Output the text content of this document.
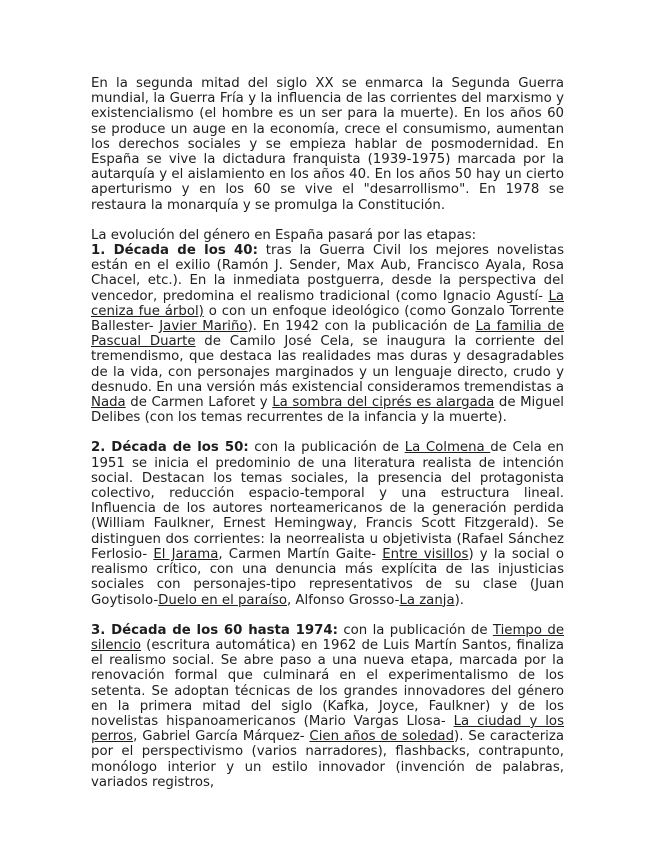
En la segunda mitad del siglo XX se enmarca la Segunda Guerra mundial, la Guerra Fría y la influencia de las corrientes del marxismo y existencialismo (el hombre es un ser para la muerte). En los años 60 se produce un auge en la economía, crece el consumismo, aumentan los derechos sociales y se empieza hablar de posmodernidad. En España se vive la dictadura franquista (1939-1975) marcada por la autarquía y el aislamiento en los años 40. En los años 50 hay un cierto aperturismo y en los 60 se vive el "desarrollismo". En 1978 se restaura la monarquía y se promulga la Constitución.

La evolución del género en España pasará por las etapas:

1. Década de los 40: tras la Guerra Civil los mejores novelistas están en el exilio (Ramón J. Sender, Max Aub, Francisco Ayala, Rosa Chacel, etc.). En la inmediata postguerra, desde la perspectiva del vencedor, predomina el realismo tradicional (como Ignacio Agustí- La ceniza fue árbol) o con un enfoque ideológico (como Gonzalo Torrente Ballester- Javier Mariño). En 1942 con la publicación de La familia de Pascual Duarte de Camilo José Cela, se inaugura la corriente del tremendismo, que destaca las realidades mas duras y desagradables de la vida, con personajes marginados y un lenguaje directo, crudo y desnudo. En una versión más existencial consideramos tremendistas a Nada de Carmen Laforet y La sombra del ciprés es alargada de Miguel Delibes (con los temas recurrentes de la infancia y la muerte).

2. Década de los 50: con la publicación de La Colmena de Cela en 1951 se inicia el predominio de una literatura realista de intención social. Destacan los temas sociales, la presencia del protagonista colectivo, reducción espacio-temporal y una estructura lineal. Influencia de los autores norteamericanos de la generación perdida (William Faulkner, Ernest Hemingway, Francis Scott Fitzgerald). Se distinguen dos corrientes: la neorrealista u objetivista (Rafael Sánchez Ferlosio- El Jarama, Carmen Martín Gaite- Entre visillos) y la social o realismo crítico, con una denuncia más explícita de las injusticias sociales con personajes-tipo representativos de su clase (Juan Goytisolo-Duelo en el paraíso, Alfonso Grosso-La zanja).

3. Década de los 60 hasta 1974: con la publicación de Tiempo de silencio (escritura automática) en 1962 de Luis Martín Santos, finaliza el realismo social. Se abre paso a una nueva etapa, marcada por la renovación formal que culminará en el experimentalismo de los setenta. Se adoptan técnicas de los grandes innovadores del género en la primera mitad del siglo (Kafka, Joyce, Faulkner) y de los novelistas hispanoamericanos (Mario Vargas Llosa- La ciudad y los perros, Gabriel García Márquez- Cien años de soledad). Se caracteriza por el perspectivismo (varios narradores), flashbacks, contrapunto, monólogo interior y un estilo innovador (invención de palabras, variados registros,
